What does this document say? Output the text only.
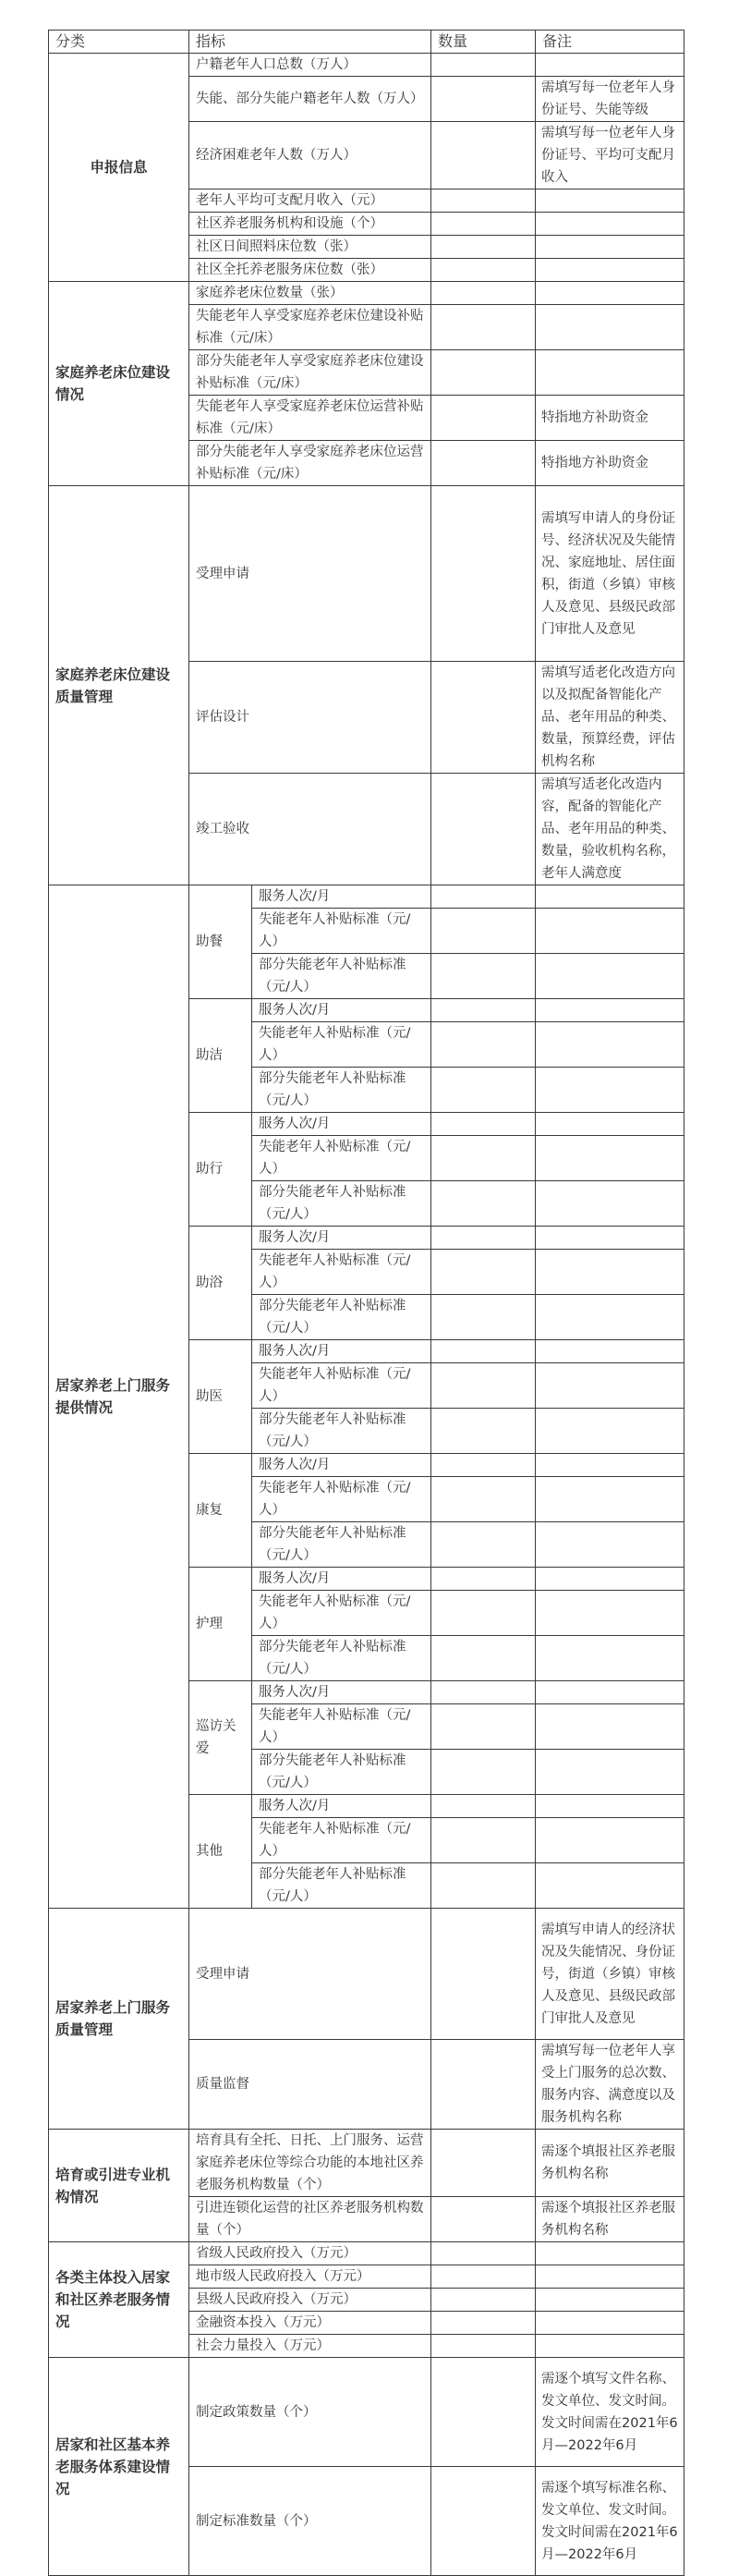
分类	指标		数量	备注
申报信息	户籍老年人口总数（万人）			
	失能、部分失能户籍老年人数（万人）			需填写每一位老年人身份证号、失能等级
	经济困难老年人数（万人）			需填写每一位老年人身份证号、平均可支配月收入
	老年人平均可支配月收入（元）			
	社区养老服务机构和设施（个）			
	社区日间照料床位数（张）			
	社区全托养老服务床位数（张）			
家庭养老床位建设情况	家庭养老床位数量（张）			
	失能老年人享受家庭养老床位建设补贴标准（元/床）			
	部分失能老年人享受家庭养老床位建设补贴标准（元/床）			
	失能老年人享受家庭养老床位运营补贴标准（元/床）			特指地方补助资金
	部分失能老年人享受家庭养老床位运营补贴标准（元/床）			特指地方补助资金
家庭养老床位建设质量管理	受理申请			需填写申请人的身份证号、经济状况及失能情况、家庭地址、居住面积，街道（乡镇）审核人及意见、县级民政部门审批人及意见
	评估设计			需填写适老化改造方向以及拟配备智能化产品、老年用品的种类、数量，预算经费，评估机构名称
	竣工验收			需填写适老化改造内容，配备的智能化产品、老年用品的种类、数量，验收机构名称，老年人满意度
居家养老上门服务提供情况	助餐	服务人次/月		
		失能老年人补贴标准（元/人）		
		部分失能老年人补贴标准（元/人）		
	助洁	服务人次/月		
		失能老年人补贴标准（元/人）		
		部分失能老年人补贴标准（元/人）		
	助行	服务人次/月		
		失能老年人补贴标准（元/人）		
		部分失能老年人补贴标准（元/人）		
	助浴	服务人次/月		
		失能老年人补贴标准（元/人）		
		部分失能老年人补贴标准（元/人）		
	助医	服务人次/月		
		失能老年人补贴标准（元/人）		
		部分失能老年人补贴标准（元/人）		
	康复	服务人次/月		
		失能老年人补贴标准（元/人）		
		部分失能老年人补贴标准（元/人）		
	护理	服务人次/月		
		失能老年人补贴标准（元/人）		
		部分失能老年人补贴标准（元/人）		
	巡访关爱	服务人次/月		
		失能老年人补贴标准（元/人）		
		部分失能老年人补贴标准（元/人）		
	其他	服务人次/月		
		失能老年人补贴标准（元/人）		
		部分失能老年人补贴标准（元/人）		
居家养老上门服务质量管理	受理申请			需填写申请人的经济状况及失能情况、身份证号，街道（乡镇）审核人及意见、县级民政部门审批人及意见
	质量监督			需填写每一位老年人享受上门服务的总次数、服务内容、满意度以及服务机构名称
培育或引进专业机构情况	培育具有全托、日托、上门服务、运营家庭养老床位等综合功能的本地社区养老服务机构数量（个）			需逐个填报社区养老服务机构名称
	引进连锁化运营的社区养老服务机构数量（个）			需逐个填报社区养老服务机构名称
各类主体投入居家和社区养老服务情况	省级人民政府投入（万元）			
	地市级人民政府投入（万元）			
	县级人民政府投入（万元）			
	金融资本投入（万元）			
	社会力量投入（万元）			
居家和社区基本养老服务体系建设情况	制定政策数量（个）			需逐个填写文件名称、发文单位、发文时间。发文时间需在2021年6月—2022年6月
	制定标准数量（个）			需逐个填写标准名称、发文单位、发文时间。发文时间需在2021年6月—2022年6月
